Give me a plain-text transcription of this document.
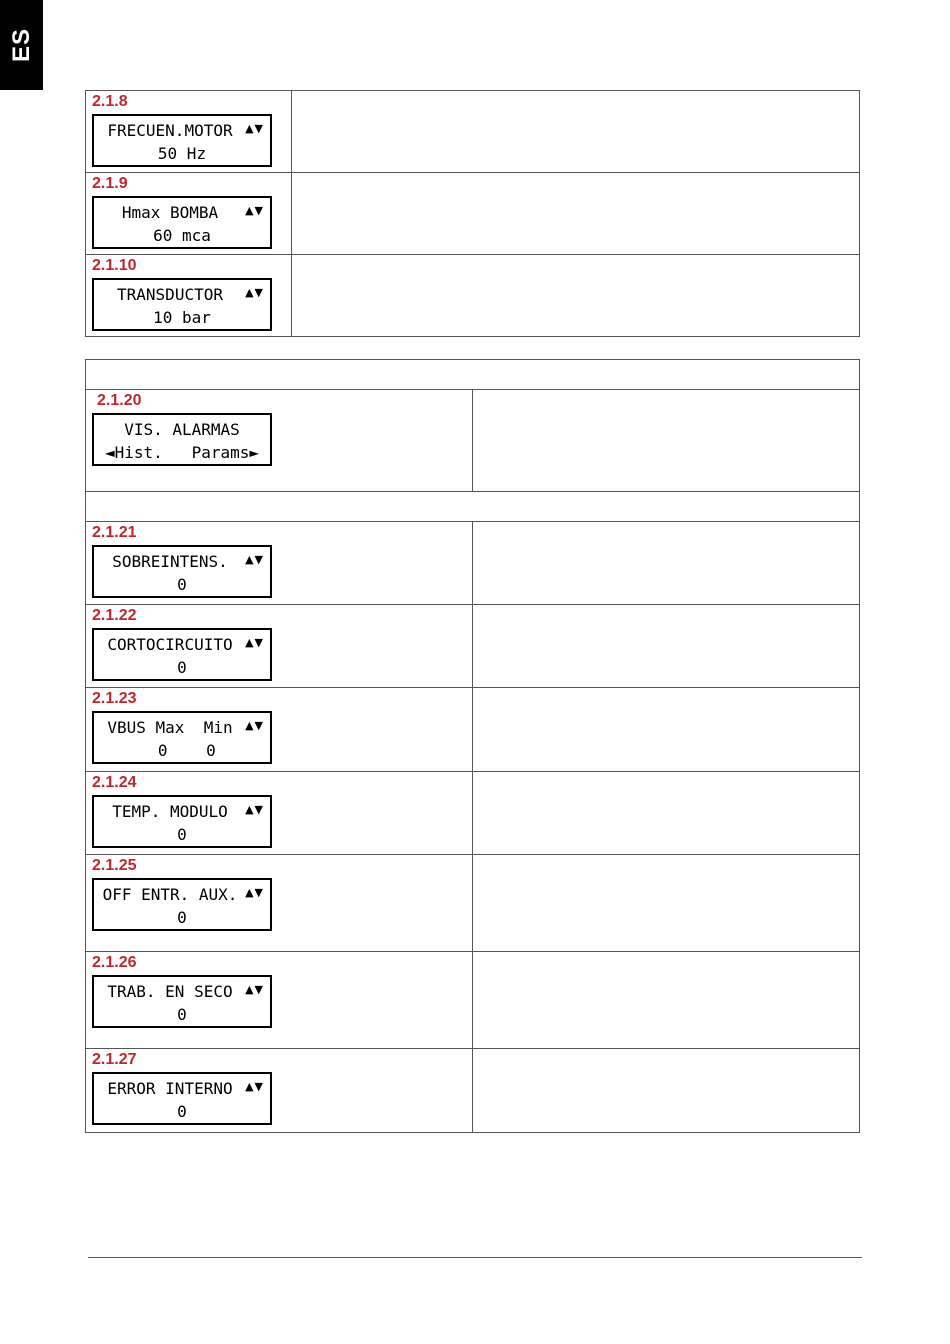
ES
2.1.8
FRECUEN.MOTOR ▲▼
50 Hz	

2.1.9
Hmax BOMBA ▲▼
60 mca	

2.1.10
TRANSDUCTOR ▲▼
10 bar	

2.1.20
VIS. ALARMAS
◄Hist.   Params►	

2.1.21
SOBREINTENS. ▲▼
0	

2.1.22
CORTOCIRCUITO ▲▼
0	

2.1.23
VBUS Max  Min ▲▼
0    0	

2.1.24
TEMP. MODULO ▲▼
0	

2.1.25
OFF ENTR. AUX. ▲▼
0	

2.1.26
TRAB. EN SECO ▲▼
0	

2.1.27
ERROR INTERNO ▲▼
0	
